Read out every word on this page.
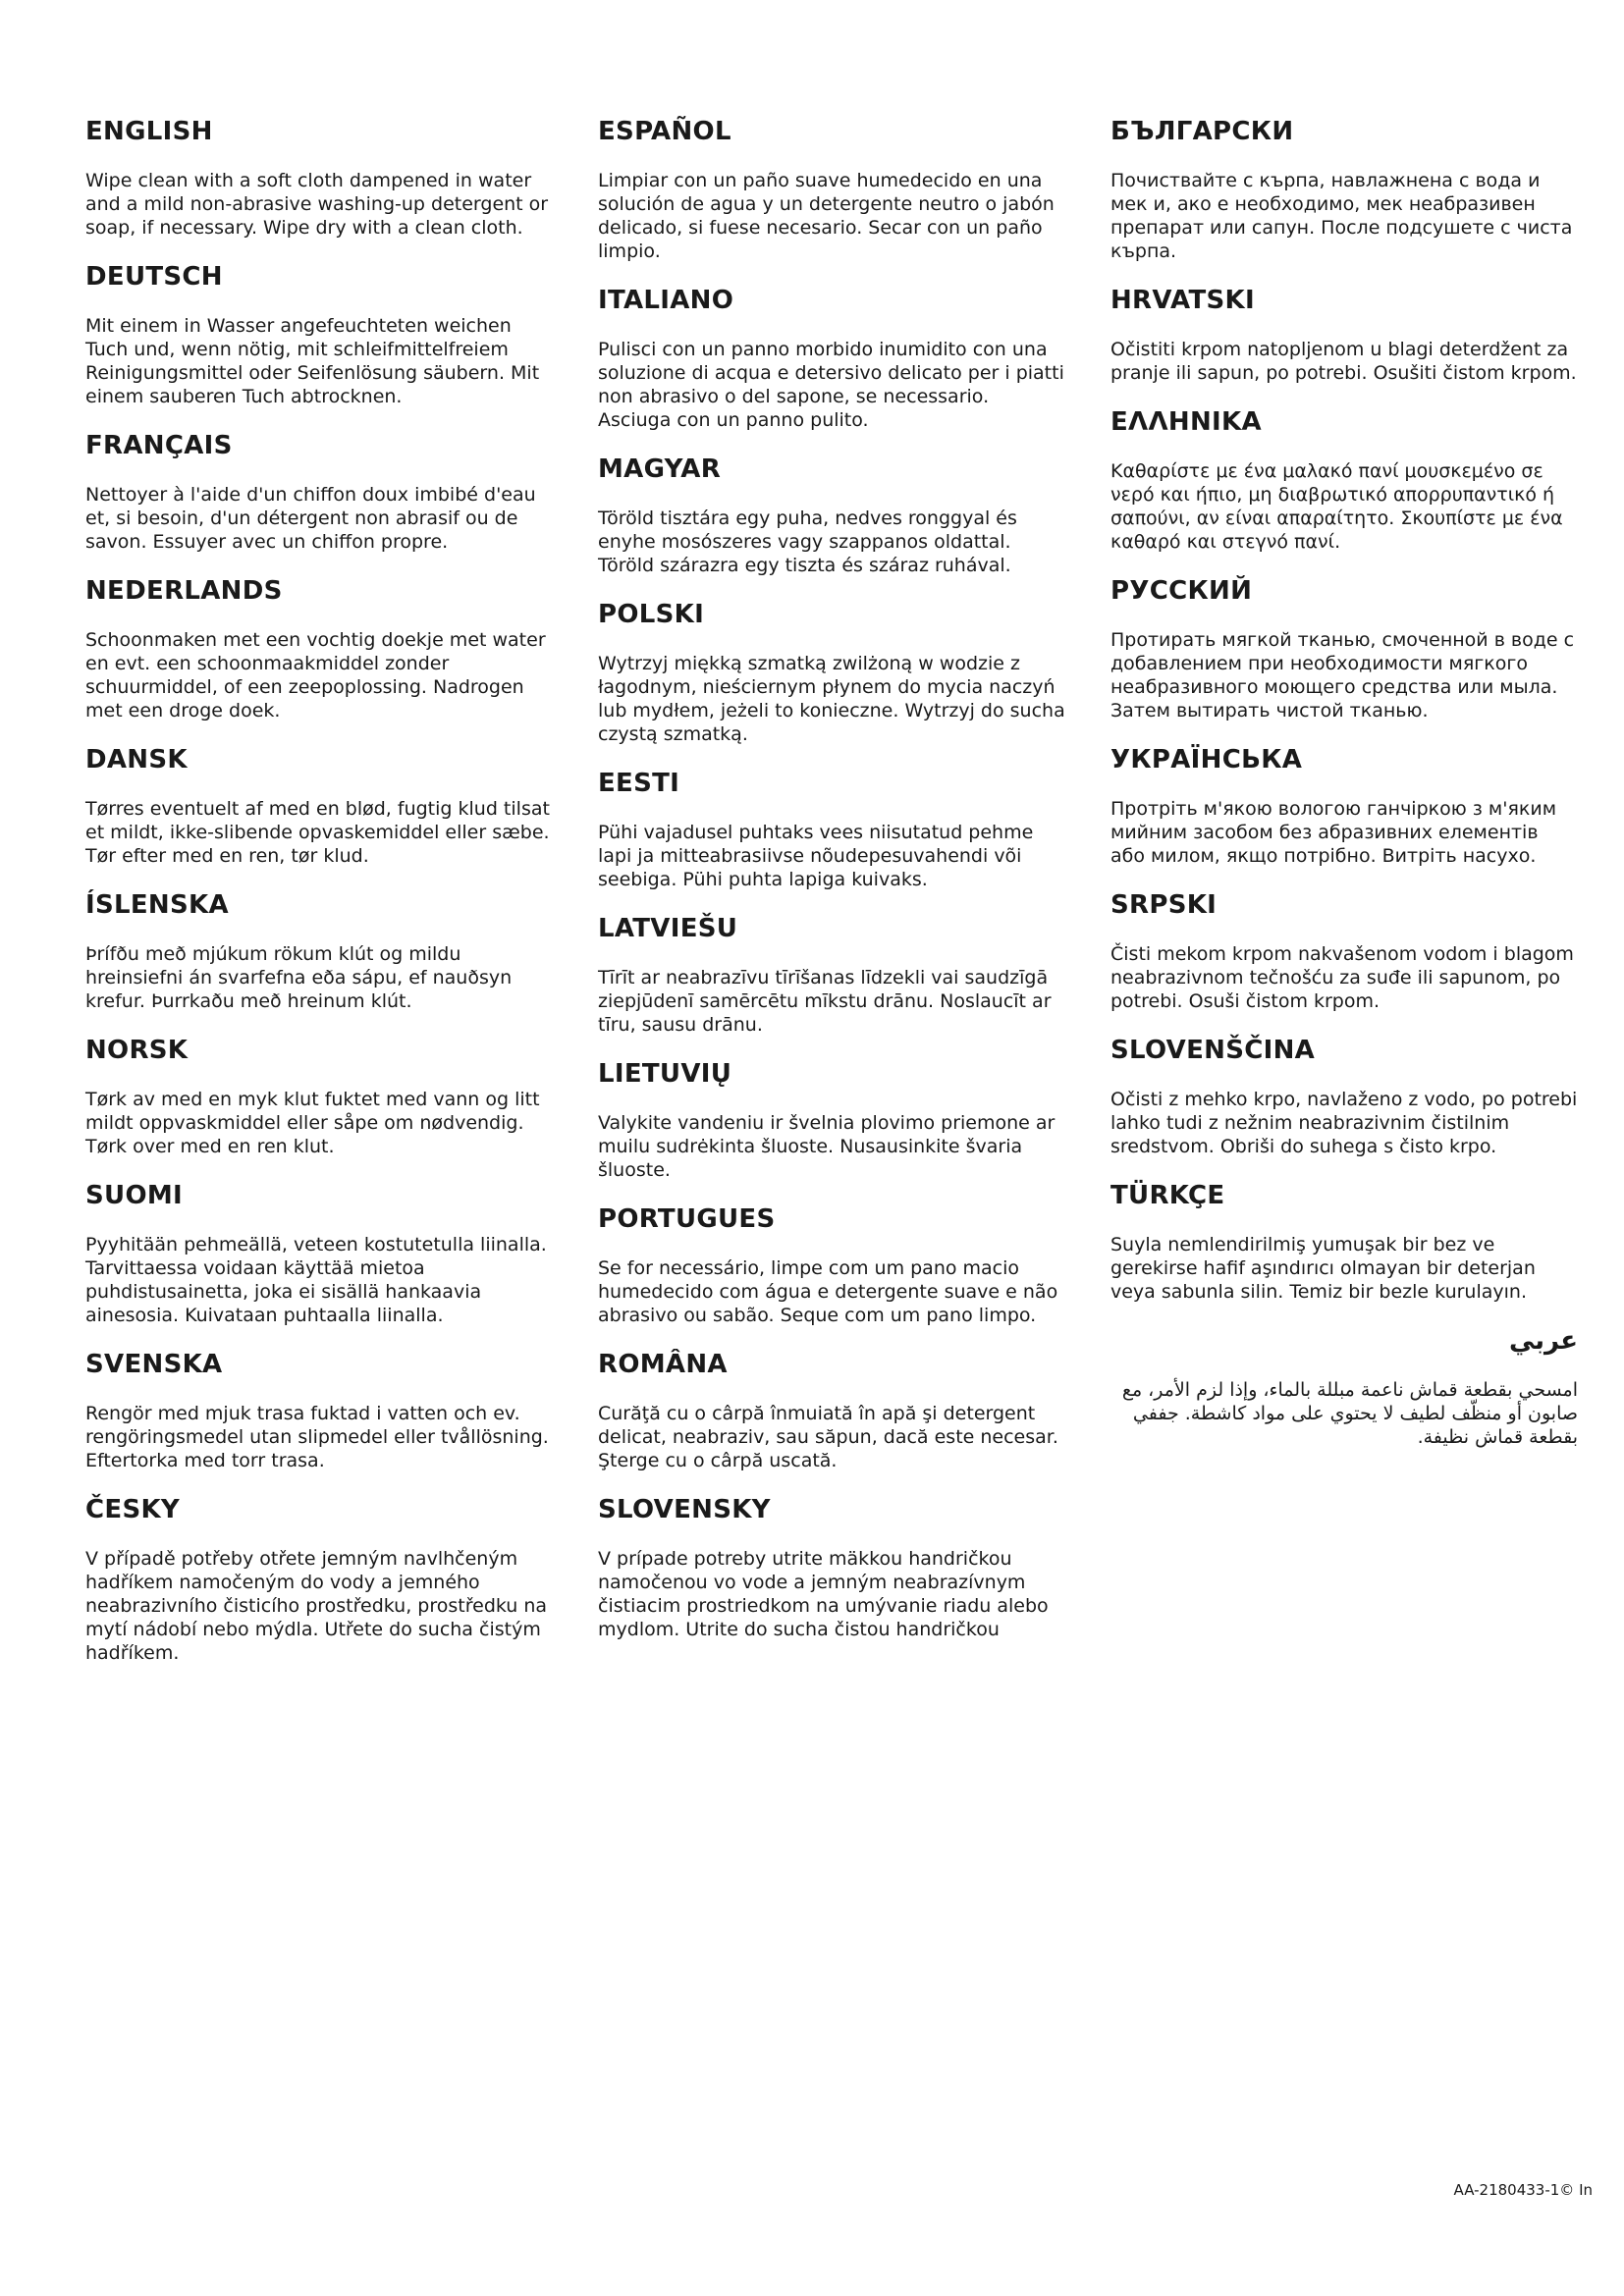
ENGLISH

Wipe clean with a soft cloth dampened in water and a mild non-abrasive washing-up detergent or soap, if necessary. Wipe dry with a clean cloth.

DEUTSCH

Mit einem in Wasser angefeuchteten weichen Tuch und, wenn nötig, mit schleifmittelfreiem Reinigungsmittel oder Seifenlösung säubern. Mit einem sauberen Tuch abtrocknen.

FRANÇAIS

Nettoyer à l'aide d'un chiffon doux imbibé d'eau et, si besoin, d'un détergent non abrasif ou de savon. Essuyer avec un chiffon propre.

NEDERLANDS

Schoonmaken met een vochtig doekje met water en evt. een schoonmaakmiddel zonder schuurmiddel, of een zeepoplossing. Nadrogen met een droge doek.

DANSK

Tørres eventuelt af med en blød, fugtig klud tilsat et mildt, ikke-slibende opvaskemiddel eller sæbe. Tør efter med en ren, tør klud.

ÍSLENSKA

Þrífðu með mjúkum rökum klút og mildu hreinsiefni án svarfefna eða sápu, ef nauðsyn krefur. Þurrkaðu með hreinum klút.

NORSK

Tørk av med en myk klut fuktet med vann og litt mildt oppvaskmiddel eller såpe om nødvendig. Tørk over med en ren klut.

SUOMI

Pyyhitään pehmeällä, veteen kostutetulla liinalla. Tarvittaessa voidaan käyttää mietoa puhdistusainetta, joka ei sisällä hankaavia ainesosia. Kuivataan puhtaalla liinalla.

SVENSKA

Rengör med mjuk trasa fuktad i vatten och ev. rengöringsmedel utan slipmedel eller tvållösning. Eftertorka med torr trasa.

ČESKY

V případě potřeby otřete jemným navlhčeným hadříkem namočeným do vody a jemného neabrazivního čisticího prostředku, prostředku na mytí nádobí nebo mýdla. Utřete do sucha čistým hadříkem.

ESPAÑOL

Limpiar con un paño suave humedecido en una solución de agua y un detergente neutro o jabón delicado, si fuese necesario. Secar con un paño limpio.

ITALIANO

Pulisci con un panno morbido inumidito con una soluzione di acqua e detersivo delicato per i piatti non abrasivo o del sapone, se necessario. Asciuga con un panno pulito.

MAGYAR

Töröld tisztára egy puha, nedves ronggyal és enyhe mosószeres vagy szappanos oldattal. Töröld szárazra egy tiszta és száraz ruhával.

POLSKI

Wytrzyj miękką szmatką zwilżoną w wodzie z łagodnym, nieściernym płynem do mycia naczyń lub mydłem, jeżeli to konieczne. Wytrzyj do sucha czystą szmatką.

EESTI

Pühi vajadusel puhtaks vees niisutatud pehme lapi ja mitteabrasiivse nõudepesuvahendi või seebiga. Pühi puhta lapiga kuivaks.

LATVIEŠU

Tīrīt ar neabrazīvu tīrīšanas līdzekli vai saudzīgā ziepjūdenī samērcētu mīkstu drānu. Noslaucīt ar tīru, sausu drānu.

LIETUVIŲ

Valykite vandeniu ir švelnia plovimo priemone ar muilu sudrėkinta šluoste. Nusausinkite švaria šluoste.

PORTUGUES

Se for necessário, limpe com um pano macio humedecido com água e detergente suave e não abrasivo ou sabão. Seque com um pano limpo.

ROMÂNA

Curăţă cu o cârpă înmuiată în apă şi detergent delicat, neabraziv, sau săpun, dacă este necesar. Şterge cu o cârpă uscată.

SLOVENSKY

V prípade potreby utrite mäkkou handričkou namočenou vo vode a jemným neabrazívnym čistiacim prostriedkom na umývanie riadu alebo mydlom. Utrite do sucha čistou handričkou

БЪЛГАРСКИ

Почиствайте с кърпа, навлажнена с вода и мек и, ако е необходимо, мек неабразивен препарат или сапун. После подсушете с чиста кърпа.

HRVATSKI

Očistiti krpom natopljenom u blagi deterdžent za pranje ili sapun, po potrebi. Osušiti čistom krpom.

ΕΛΛΗΝΙΚΑ

Καθαρίστε με ένα μαλακό πανί μουσκεμένο σε νερό και ήπιο, μη διαβρωτικό απορρυπαντικό ή σαπούνι, αν είναι απαραίτητο. Σκουπίστε με ένα καθαρό και στεγνό πανί.

РУССКИЙ

Протирать мягкой тканью, смоченной в воде с добавлением при необходимости мягкого неабразивного моющего средства или мыла. Затем вытирать чистой тканью.

УКРАЇНСЬКА

Протріть м'якою вологою ганчіркою з м'яким мийним засобом без абразивних елементів або милом, якщо потрібно. Витріть насухо.

SRPSKI

Čisti mekom krpom nakvašenom vodom i blagom neabrazivnom tečnošću za suđe ili sapunom, po potrebi. Osuši čistom krpom.

SLOVENŠČINA

Očisti z mehko krpo, navlaženo z vodo, po potrebi lahko tudi z nežnim neabrazivnim čistilnim sredstvom. Obriši do suhega s čisto krpo.

TÜRKÇE

Suyla nemlendirilmiş yumuşak bir bez ve gerekirse hafif aşındırıcı olmayan bir deterjan veya sabunla silin. Temiz bir bezle kurulayın.

عربي

امسحي بقطعة قماش ناعمة مبللة بالماء، وإذا لزم الأمر، مع صابون أو منظّف لطيف لا يحتوي على مواد كاشطة. جففي بقطعة قماش نظيفة.

AA-2180433-1© In
